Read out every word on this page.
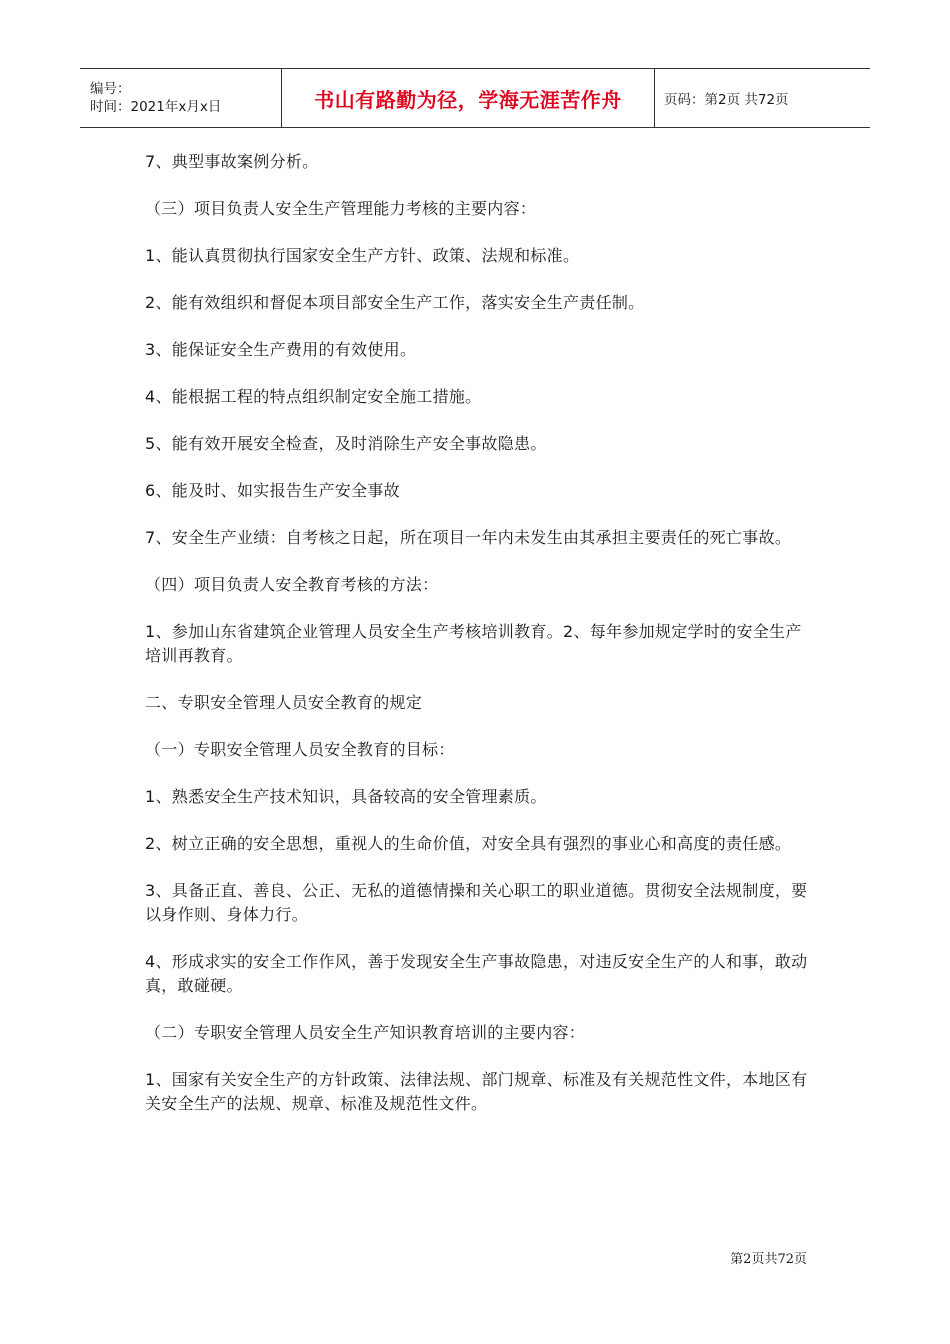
编号：
时间：2021年x月x日	书山有路勤为径，学海无涯苦作舟	页码：第2页 共72页

7、典型事故案例分析。

（三）项目负责人安全生产管理能力考核的主要内容：

1、能认真贯彻执行国家安全生产方针、政策、法规和标准。

2、能有效组织和督促本项目部安全生产工作，落实安全生产责任制。

3、能保证安全生产费用的有效使用。

4、能根据工程的特点组织制定安全施工措施。

5、能有效开展安全检查，及时消除生产安全事故隐患。

6、能及时、如实报告生产安全事故

7、安全生产业绩：自考核之日起，所在项目一年内未发生由其承担主要责任的死亡事故。

（四）项目负责人安全教育考核的方法：

1、参加山东省建筑企业管理人员安全生产考核培训教育。2、每年参加规定学时的安全生产培训再教育。

二、专职安全管理人员安全教育的规定

（一）专职安全管理人员安全教育的目标：

1、熟悉安全生产技术知识，具备较高的安全管理素质。

2、树立正确的安全思想，重视人的生命价值，对安全具有强烈的事业心和高度的责任感。

3、具备正直、善良、公正、无私的道德情操和关心职工的职业道德。贯彻安全法规制度，要以身作则、身体力行。

4、形成求实的安全工作作风，善于发现安全生产事故隐患，对违反安全生产的人和事，敢动真，敢碰硬。

（二）专职安全管理人员安全生产知识教育培训的主要内容：

1、国家有关安全生产的方针政策、法律法规、部门规章、标准及有关规范性文件，本地区有关安全生产的法规、规章、标准及规范性文件。

第2页共72页
